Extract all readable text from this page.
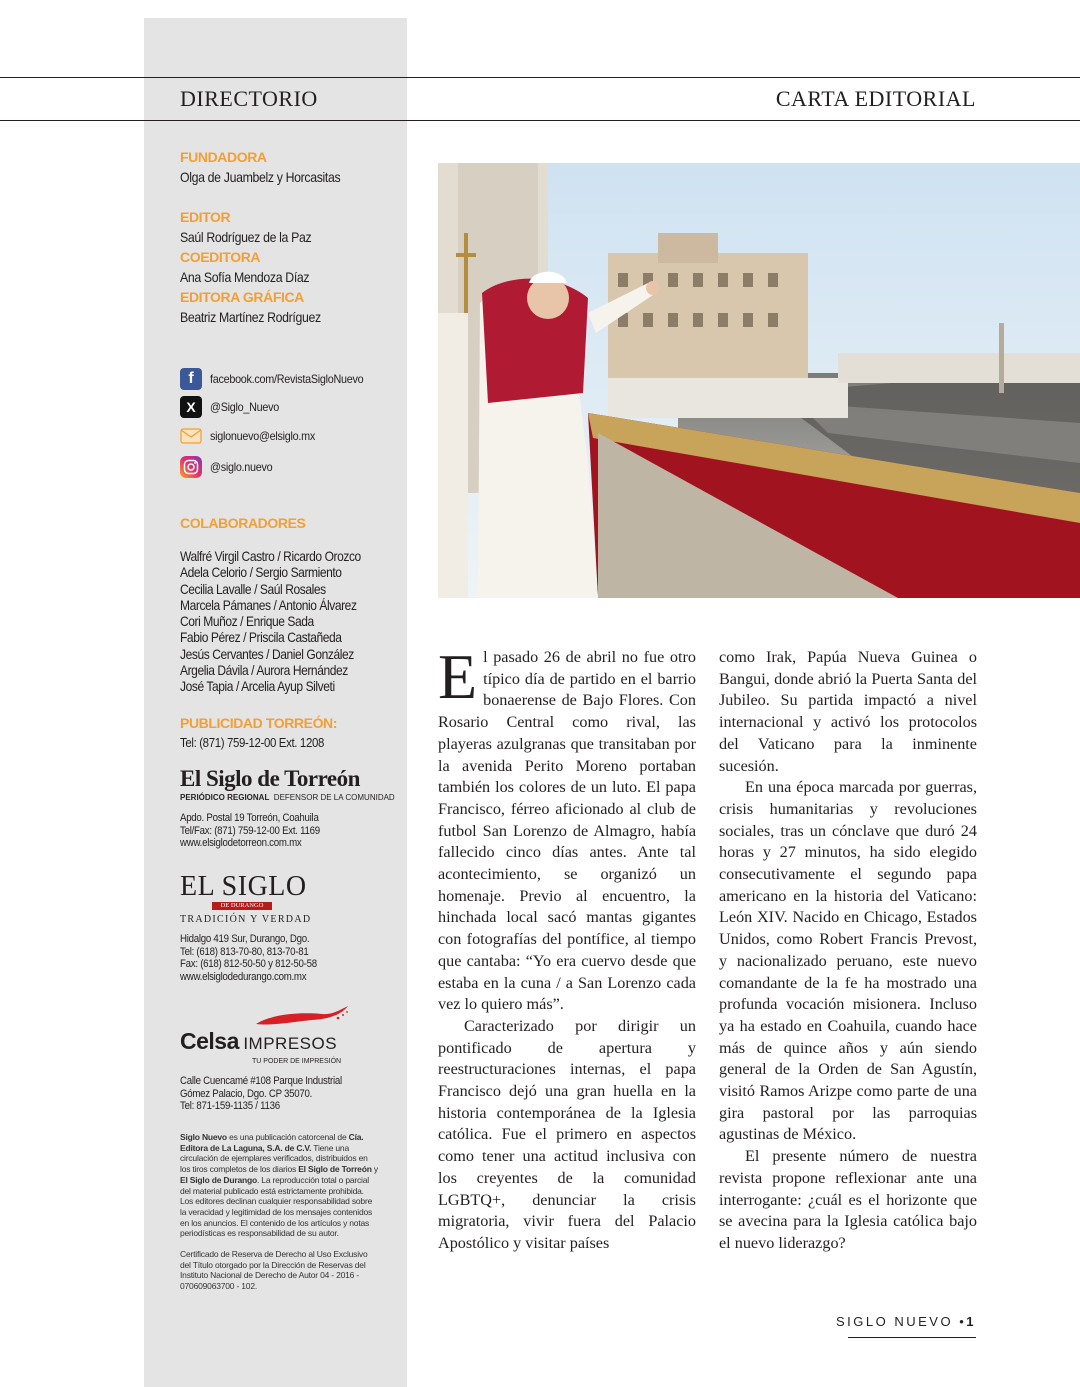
DIRECTORIO	CARTA EDITORIAL
FUNDADORA
Olga de Juambelz y Horcasitas
EDITOR
Saúl Rodríguez de la Paz
COEDITORA
Ana Sofía Mendoza Díaz
EDITORA GRÁFICA
Beatriz Martínez Rodríguez
f	facebook.com/RevistaSigloNuevo
X	@Siglo_Nuevo
siglonuevo@elsiglo.mx
@siglo.nuevo
COLABORADORES
Walfré Virgil Castro / Ricardo Orozco
Adela Celorio / Sergio Sarmiento
Cecilia Lavalle / Saúl Rosales
Marcela Pámanes / Antonio Álvarez
Cori Muñoz / Enrique Sada
Fabio Pérez / Priscila Castañeda
Jesús Cervantes / Daniel González
Argelia Dávila / Aurora Hernández
José Tapia / Arcelia Ayup Silveti
PUBLICIDAD TORREÓN:
Tel: (871) 759-12-00 Ext. 1208
El Siglo de Torreón
PERIÓDICO REGIONAL DEFENSOR DE LA COMUNIDAD
Apdo. Postal 19 Torreón, Coahuila
Tel/Fax: (871) 759-12-00 Ext. 1169
www.elsiglodetorreon.com.mx
EL SIGLO
DE DURANGO
TRADICIÓN Y VERDAD
Hidalgo 419 Sur, Durango, Dgo.
Tel: (618) 813-70-80, 813-70-81
Fax: (618) 812-50-50 y 812-50-58
www.elsiglodedurango.com.mx
Celsa IMPRESOS
TU PODER DE IMPRESIÓN
Calle Cuencamé #108 Parque Industrial
Gómez Palacio, Dgo. CP 35070.
Tel: 871-159-1135 / 1136
Siglo Nuevo es una publicación catorcenal de Cía. Editora de La Laguna, S.A. de C.V. Tiene una circulación de ejemplares verificados, distribuidos en los tiros completos de los diarios El Siglo de Torreón y El Siglo de Durango. La reproducción total o parcial del material publicado está estrictamente prohibida. Los editores declinan cualquier responsabilidad sobre la veracidad y legitimidad de los mensajes contenidos en los anuncios. El contenido de los artículos y notas periodísticas es responsabilidad de su autor.
Certificado de Reserva de Derecho al Uso Exclusivo del Título otorgado por la Dirección de Reservas del Instituto Nacional de Derecho de Autor 04 - 2016 - 070609063700 - 102.

El pasado 26 de abril no fue otro típico día de partido en el barrio bonaerense de Bajo Flores. Con Rosario Central como rival, las playeras azulgranas que transitaban por la avenida Perito Moreno portaban también los colores de un luto. El papa Francisco, férreo aficionado al club de futbol San Lorenzo de Almagro, había fallecido cinco días antes. Ante tal acontecimiento, se organizó un homenaje. Previo al encuentro, la hinchada local sacó mantas gigantes con fotografías del pontífice, al tiempo que cantaba: “Yo era cuervo desde que estaba en la cuna / a San Lorenzo cada vez lo quiero más”.

Caracterizado por dirigir un pontificado de apertura y reestructuraciones internas, el papa Francisco dejó una gran huella en la historia contemporánea de la Iglesia católica. Fue el primero en aspectos como tener una actitud inclusiva con los creyentes de la comunidad LGBTQ+, denunciar la crisis migratoria, vivir fuera del Palacio Apostólico y visitar países

como Irak, Papúa Nueva Guinea o Bangui, donde abrió la Puerta Santa del Jubileo. Su partida impactó a nivel internacional y activó los protocolos del Vaticano para la inminente sucesión.

En una época marcada por guerras, crisis humanitarias y revoluciones sociales, tras un cónclave que duró 24 horas y 27 minutos, ha sido elegido consecutivamente el segundo papa americano en la historia del Vaticano: León XIV. Nacido en Chicago, Estados Unidos, como Robert Francis Prevost, y nacionalizado peruano, este nuevo comandante de la fe ha mostrado una profunda vocación misionera. Incluso ya ha estado en Coahuila, cuando hace más de quince años y aún siendo general de la Orden de San Agustín, visitó Ramos Arizpe como parte de una gira pastoral por las parroquias agustinas de México.

El presente número de nuestra revista propone reflexionar ante una interrogante: ¿cuál es el horizonte que se avecina para la Iglesia católica bajo el nuevo liderazgo?

SIGLO NUEVO •1
